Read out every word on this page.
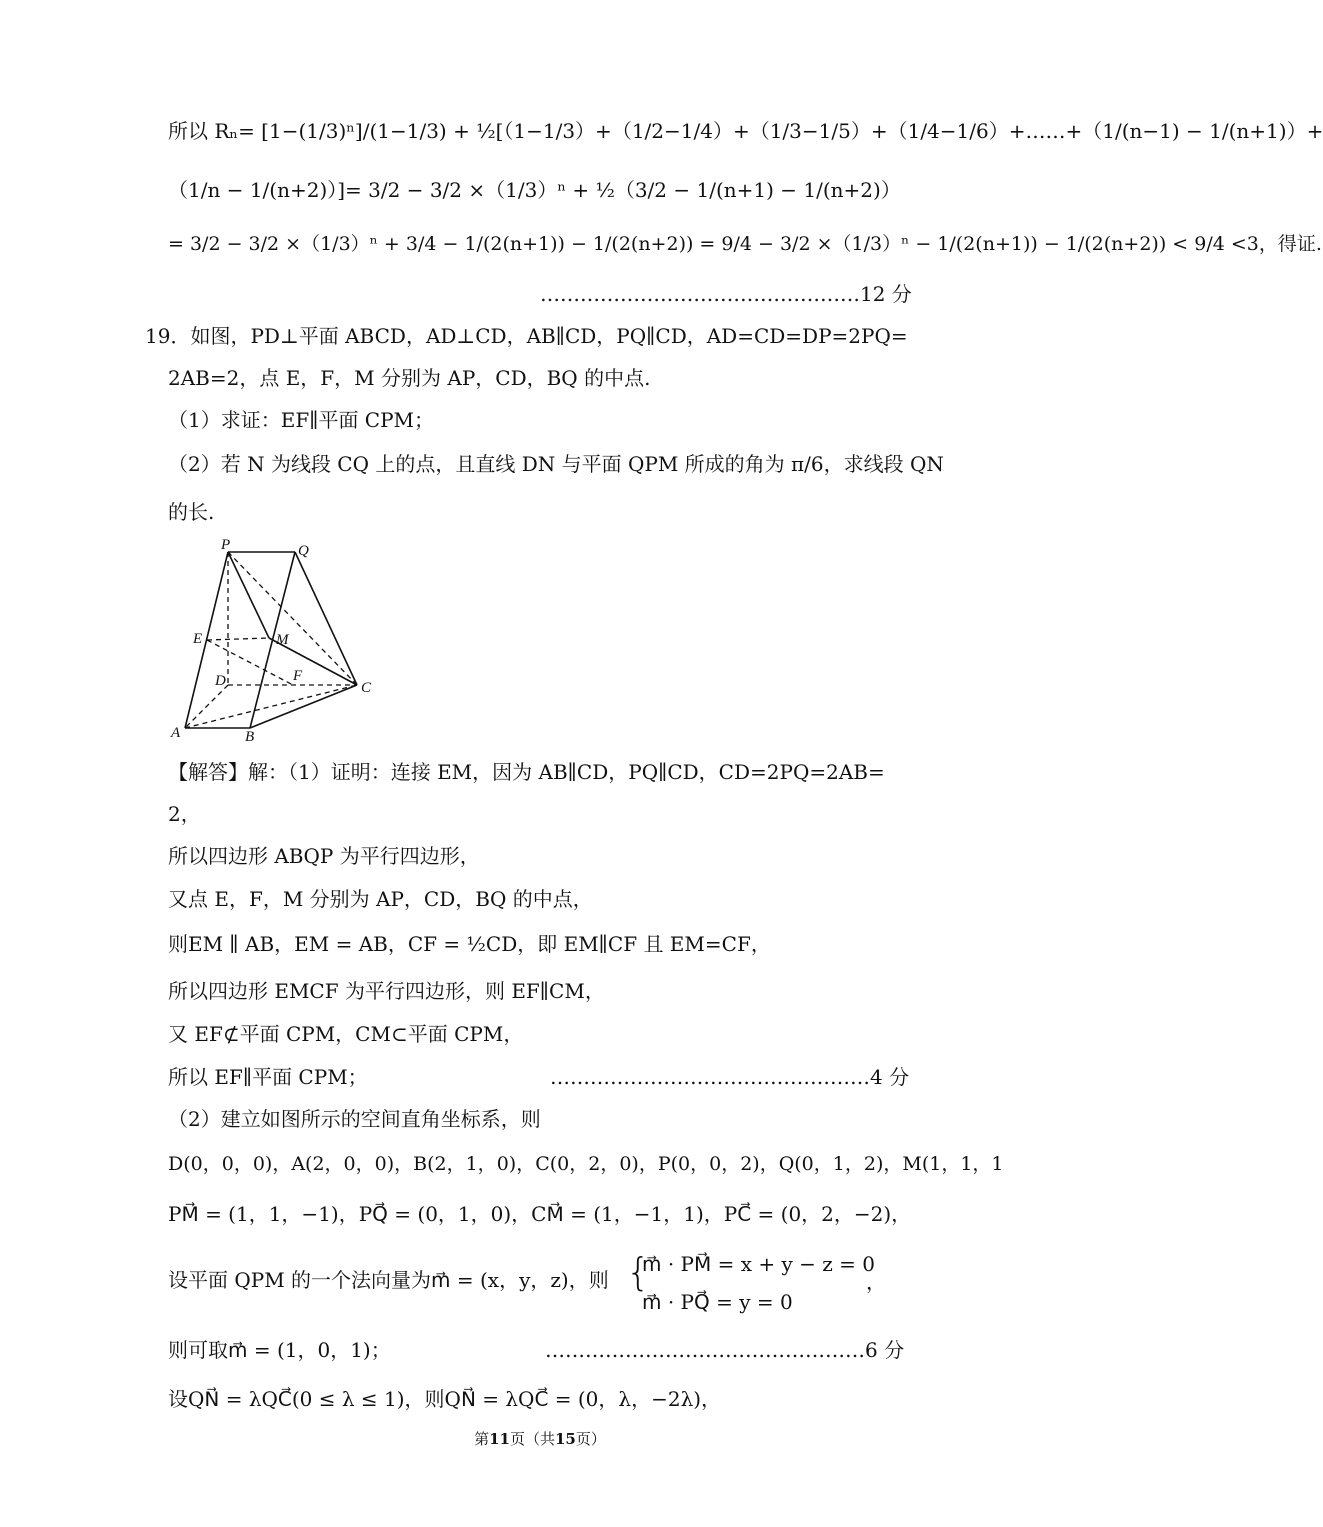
所以 Rₙ= [1−(1/3)ⁿ]/(1−1/3) + ½[（1−1/3）+（1/2−1/4）+（1/3−1/5）+（1/4−1/6）+……+（1/(n−1) − 1/(n+1)）+
（1/n − 1/(n+2)）]= 3/2 − 3/2 ×（1/3）ⁿ + ½（3/2 − 1/(n+1) − 1/(n+2)）
= 3/2 − 3/2 ×（1/3）ⁿ + 3/4 − 1/(2(n+1)) − 1/(2(n+2)) = 9/4 − 3/2 ×（1/3）ⁿ − 1/(2(n+1)) − 1/(2(n+2)) < 9/4 <3，得证.
…………………………………………12 分
19．如图，PD⊥平面 ABCD，AD⊥CD，AB∥CD，PQ∥CD，AD=CD=DP=2PQ=
2AB=2，点 E，F，M 分别为 AP，CD，BQ 的中点.
（1）求证：EF∥平面 CPM；
（2）若 N 为线段 CQ 上的点，且直线 DN 与平面 QPM 所成的角为 π/6，求线段 QN
的长.
P	Q
E	M
D	F
C
A	B
【解答】解：（1）证明：连接 EM，因为 AB∥CD，PQ∥CD，CD=2PQ=2AB=
2，
所以四边形 ABQP 为平行四边形，
又点 E，F，M 分别为 AP，CD，BQ 的中点，
则EM ∥ AB，EM = AB，CF = ½CD，即 EM∥CF 且 EM=CF，
所以四边形 EMCF 为平行四边形，则 EF∥CM，
又 EF⊄平面 CPM，CM⊂平面 CPM，
所以 EF∥平面 CPM；	…………………………………………4 分
（2）建立如图所示的空间直角坐标系，则
D(0，0，0)，A(2，0，0)，B(2，1，0)，C(0，2，0)，P(0，0，2)，Q(0，1，2)，M(1，1，1
PM⃗ = (1，1，−1)，PQ⃗ = (0，1，0)，CM⃗ = (1，−1，1)，PC⃗ = (0，2，−2)，
设平面 QPM 的一个法向量为m⃗ = (x，y，z)，则 {
m⃗ · PM⃗ = x + y − z = 0
m⃗ · PQ⃗ = y = 0
，
则可取m⃗ = (1，0，1)；	…………………………………………6 分
设QN⃗ = λQC⃗(0 ≤ λ ≤ 1)，则QN⃗ = λQC⃗ = (0，λ，−2λ)，
第11页（共15页）
